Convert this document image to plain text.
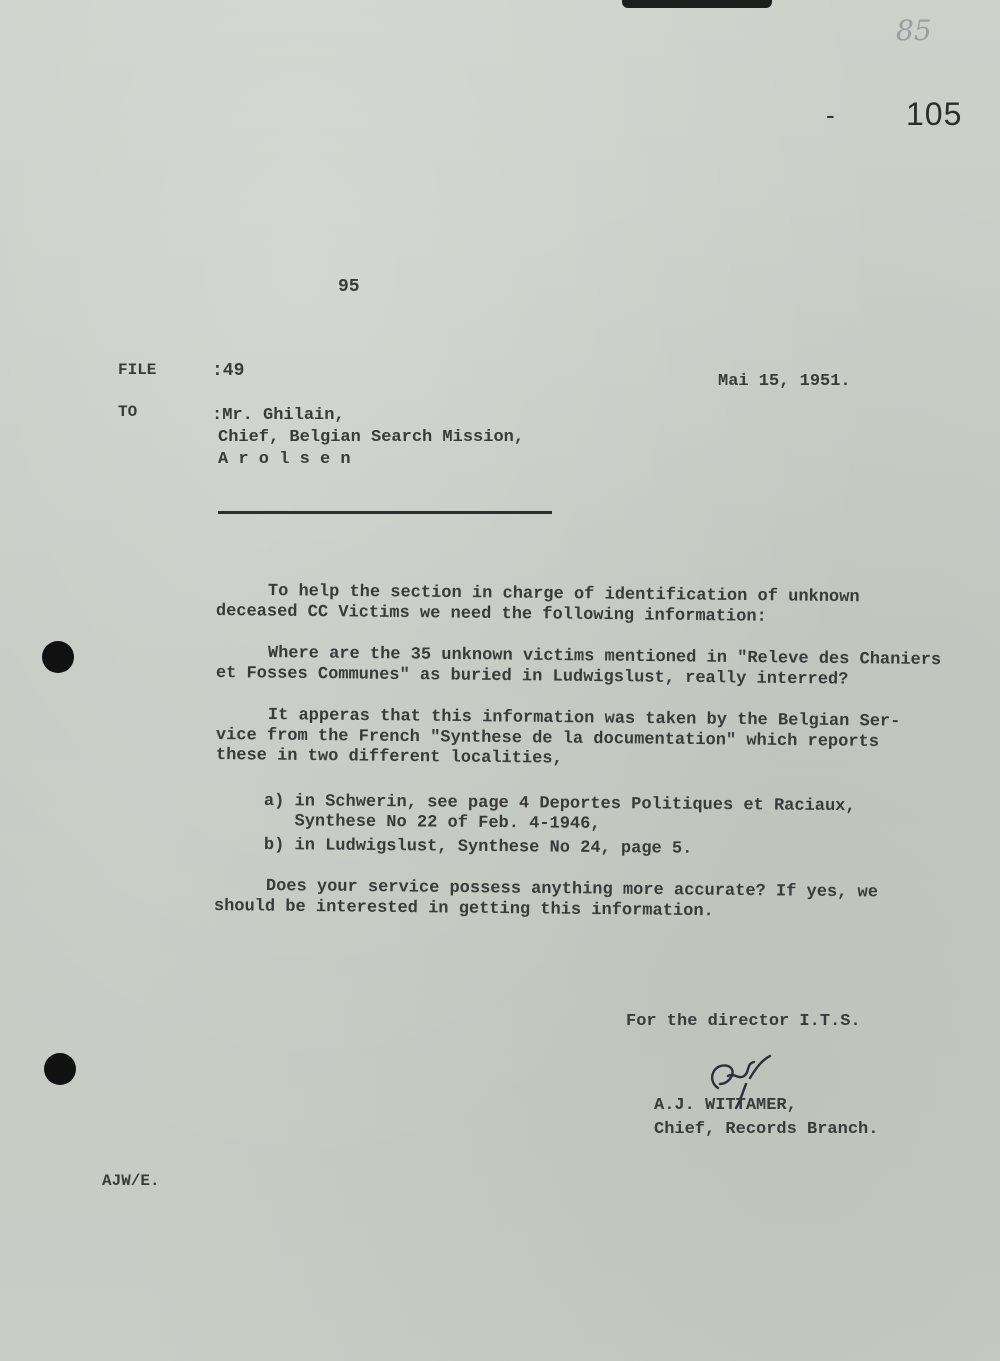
85
- 105
95
FILE	:49
Mai 15, 1951.
TO	:Mr. Ghilain,
Chief, Belgian Search Mission,
A r o l s e n
To help the section in charge of identification of unknown
deceased CC Victims we need the following information:
Where are the 35 unknown victims mentioned in "Releve des Chaniers
et Fosses Communes" as buried in Ludwigslust, really interred?
It apperas that this information was taken by the Belgian Ser-
vice from the French "Synthese de la documentation" which reports
these in two different localities,
a) in Schwerin, see page 4 Deportes Politiques et Raciaux,
Synthese No 22 of Feb. 4-1946,
b) in Ludwigslust, Synthese No 24, page 5.
Does your service possess anything more accurate? If yes, we
should be interested in getting this information.
For the director I.T.S.
A.J. WITTAMER,
Chief, Records Branch.
AJW/E.
